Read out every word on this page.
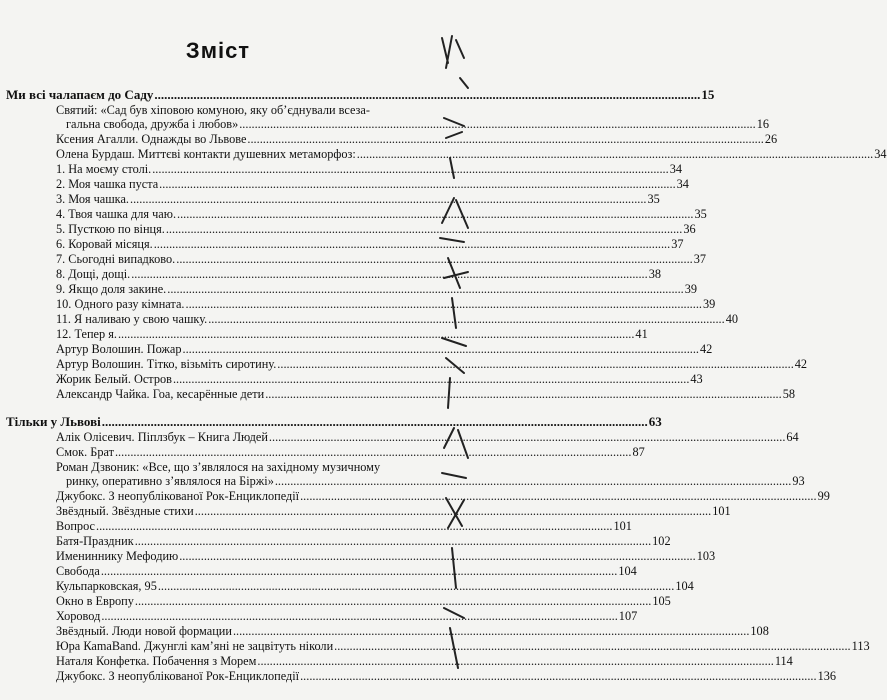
Зміст
Ми всі чалапаєм до Саду .....	15
Святий: «Сад був хіповою комуною, яку об’єднували всеза-
гальна свобода, дружба і любов» .....	16
Ксения Агалли. Однажды во Львове .....	26
Олена Бурдаш. Миттєві контакти душевних метаморфоз: .....	34
1. На моєму столі. .....	34
2. Моя чашка пуста .....	34
3. Моя чашка. .....	35
4. Твоя чашка для чаю. .....	35
5. Пусткою по вінця. .....	36
6. Коровай місяця. .....	37
7. Сьогодні випадково. .....	37
8. Дощі, дощі. .....	38
9. Якщо доля закине. .....	39
10. Одного разу кімната. .....	39
11. Я наливаю у свою чашку. .....	40
12. Тепер я. .....	41
Артур Волошин. Пожар .....	42
Артур Волошин. Тітко, візьміть сиротину. .....	42
Жорик Белый. Остров .....	43
Александр Чайка. Гоа, кесарённые дети .....	58
Тільки у Львові .....	63
Алік Олісевич. Піплзбук – Книга Людей .....	64
Смок. Брат .....	87
Роман Дзвоник: «Все, що з’являлося на західному музичному
ринку, оперативно з’являлося на Біржі» .....	93
Джубокс. З неопублікованої Рок-Енциклопедії .....	99
Звёздный. Звёздные стихи .....	101
Вопрос .....	101
Батя-Праздник .....	102
Имениннику Мефодию .....	103
Свобода .....	104
Кульпарковская, 95 .....	104
Окно в Европу .....	105
Хоровод .....	107
Звёздный. Люди новой формации .....	108
Юра КаmaBand. Джунглі кам’яні не зацвітуть ніколи .....	113
Наталя Конфетка. Побачення з Морем .....	114
Джубокс. З неопублікованої Рок-Енциклопедії .....	136
